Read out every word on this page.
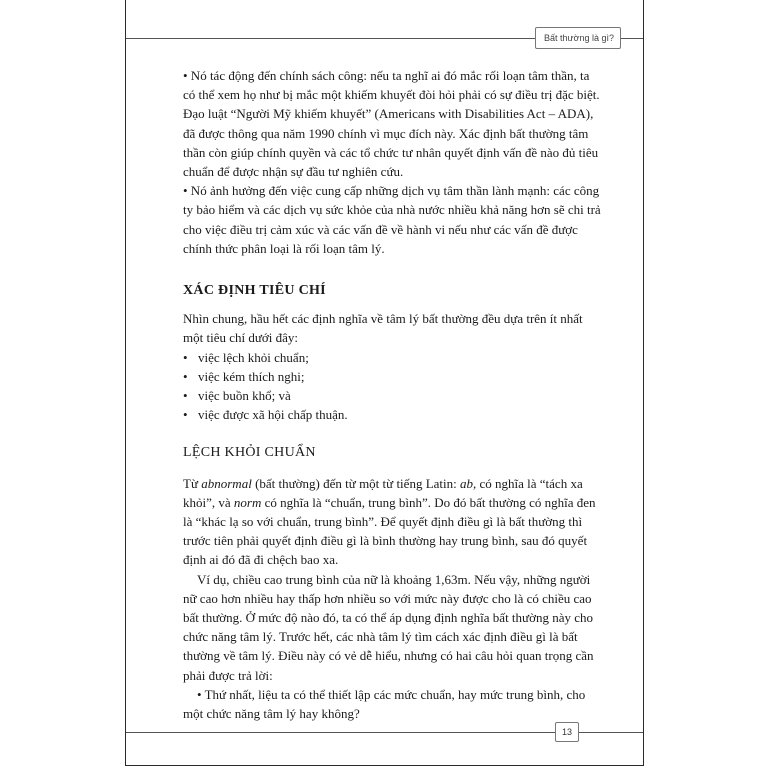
Bất thường là gì?

• Nó tác động đến chính sách công: nếu ta nghĩ ai đó mắc rối loạn tâm thần, ta có thể xem họ như bị mắc một khiếm khuyết đòi hỏi phải có sự điều trị đặc biệt. Đạo luật “Người Mỹ khiếm khuyết” (Americans with Disabilities Act – ADA), đã được thông qua năm 1990 chính vì mục đích này. Xác định bất thường tâm thần còn giúp chính quyền và các tổ chức tư nhân quyết định vấn đề nào đủ tiêu chuẩn để được nhận sự đầu tư nghiên cứu.

• Nó ảnh hưởng đến việc cung cấp những dịch vụ tâm thần lành mạnh: các công ty bảo hiểm và các dịch vụ sức khỏe của nhà nước nhiều khả năng hơn sẽ chi trả cho việc điều trị cảm xúc và các vấn đề về hành vi nếu như các vấn đề được chính thức phân loại là rối loạn tâm lý.

XÁC ĐỊNH TIÊU CHÍ

Nhìn chung, hầu hết các định nghĩa về tâm lý bất thường đều dựa trên ít nhất một tiêu chí dưới đây:

• việc lệch khỏi chuẩn;
• việc kém thích nghi;
• việc buồn khổ; và
• việc được xã hội chấp thuận.
LỆCH KHỎI CHUẨN

Từ abnormal (bất thường) đến từ một từ tiếng Latin: ab, có nghĩa là “tách xa khỏi”, và norm có nghĩa là “chuẩn, trung bình”. Do đó bất thường có nghĩa đen là “khác lạ so với chuẩn, trung bình”. Để quyết định điều gì là bất thường thì trước tiên phải quyết định điều gì là bình thường hay trung bình, sau đó quyết định ai đó đã đi chệch bao xa.

Ví dụ, chiều cao trung bình của nữ là khoảng 1,63m. Nếu vậy, những người nữ cao hơn nhiều hay thấp hơn nhiều so với mức này được cho là có chiều cao bất thường. Ở mức độ nào đó, ta có thể áp dụng định nghĩa bất thường này cho chức năng tâm lý. Trước hết, các nhà tâm lý tìm cách xác định điều gì là bất thường về tâm lý. Điều này có vẻ dễ hiểu, nhưng có hai câu hỏi quan trọng cần phải được trả lời:

• Thứ nhất, liệu ta có thể thiết lập các mức chuẩn, hay mức trung bình, cho một chức năng tâm lý hay không?

13
